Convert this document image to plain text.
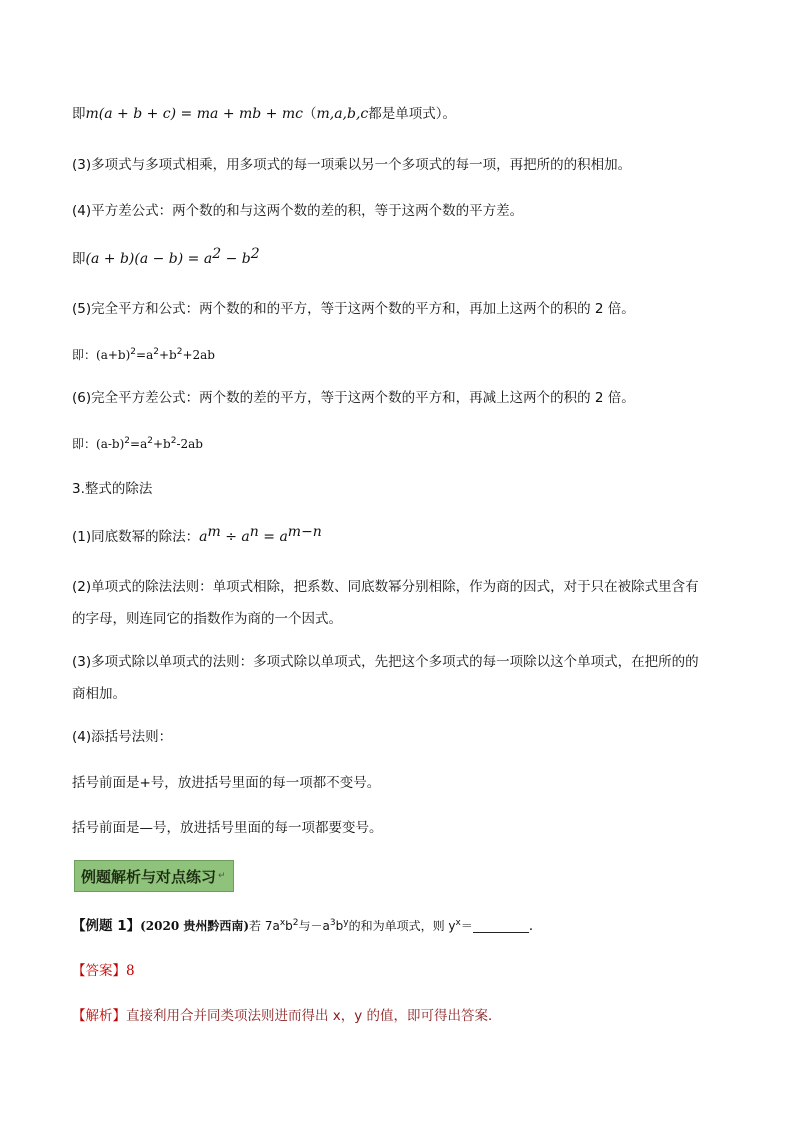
即m(a + b + c) = ma + mb + mc（m,a,b,c都是单项式）。
(3)多项式与多项式相乘，用多项式的每一项乘以另一个多项式的每一项，再把所的的积相加。
(4)平方差公式：两个数的和与这两个数的差的积，等于这两个数的平方差。
即$(a + b)(a - b) = a^2 - b^2$
(5)完全平方和公式：两个数的和的平方，等于这两个数的平方和，再加上这两个的积的 2 倍。
即：$(a+b)^2=a^2+b^2+2ab$
(6)完全平方差公式：两个数的差的平方，等于这两个数的平方和，再减上这两个的积的 2 倍。
即：$(a-b)^2=a^2+b^2-2ab$
3.整式的除法
(1)同底数幂的除法：$a^m \div a^n = a^{m-n}$
(2)单项式的除法法则：单项式相除，把系数、同底数幂分别相除，作为商的因式，对于只在被除式里含有
的字母，则连同它的指数作为商的一个因式。
(3)多项式除以单项式的法则：多项式除以单项式，先把这个多项式的每一项除以这个单项式，在把所的的
商相加。
(4)添括号法则：
括号前面是+号，放进括号里面的每一项都不变号。
括号前面是—号，放进括号里面的每一项都要变号。
例题解析与对点练习 ↵
【例题 1】(2020 贵州黔西南)若 $7a^xb^2$与$-a^3b^y$的和为单项式，则 $y^x=$	．
【答案】8
【解析】直接利用合并同类项法则进而得出 x，y 的值，即可得出答案．
